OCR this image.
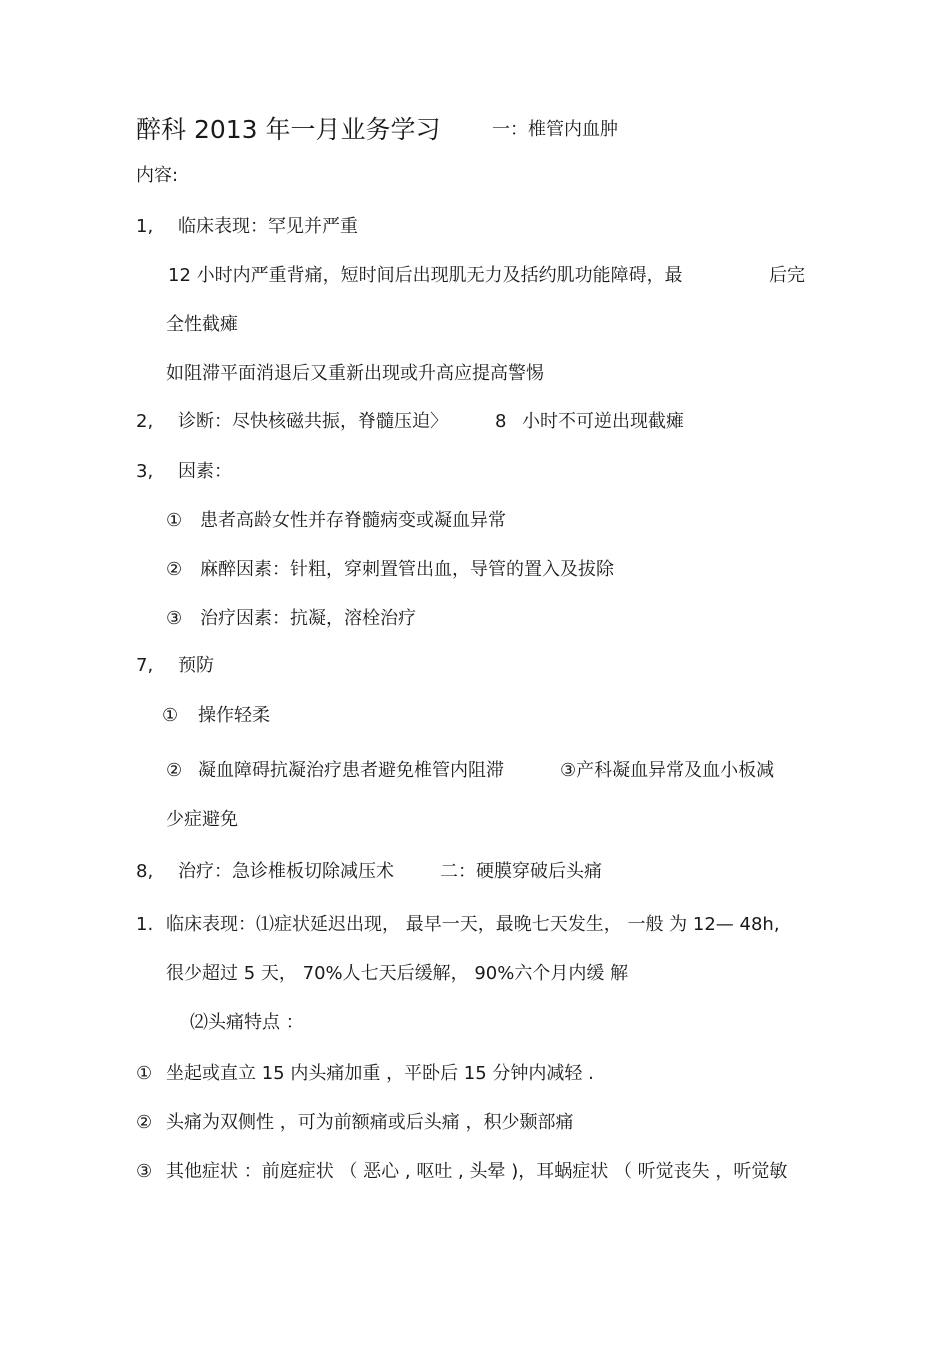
醉科 2013 年一月业务学习	一：椎管内血肿
内容:
1, 临床表现：罕见并严重
12 小时内严重背痛，短时间后出现肌无力及括约肌功能障碍，最	后完
全性截瘫
如阻滞平面消退后又重新出现或升高应提高警惕
2, 诊断：尽快核磁共振，脊髓压迫〉	8 小时不可逆出现截瘫
3, 因素：
① 患者高龄女性并存脊髓病变或凝血异常
② 麻醉因素：针粗，穿刺置管出血，导管的置入及拔除
③ 治疗因素：抗凝，溶栓治疗
7, 预防
① 操作轻柔
② 凝血障碍抗凝治疗患者避免椎管内阻滞	③产科凝血异常及血小板减
少症避免
8, 治疗：急诊椎板切除减压术	二：硬膜穿破后头痛
1. 临床表现：⑴症状延迟出现， 最早一天，最晚七天发生， 一般 为 12— 48h,
很少超过 5 天， 70%人七天后缓解， 90%六个月内缓 解
⑵头痛特点 ：
① 坐起或直立 15 内头痛加重 ，平卧后 15 分钟内减轻 .
② 头痛为双侧性 ，可为前额痛或后头痛 ，积少颞部痛
③ 其他症状 ：前庭症状 （ 恶心 , 呕吐 , 头晕 )，耳蜗症状 （ 听觉丧失 ，听觉敏
